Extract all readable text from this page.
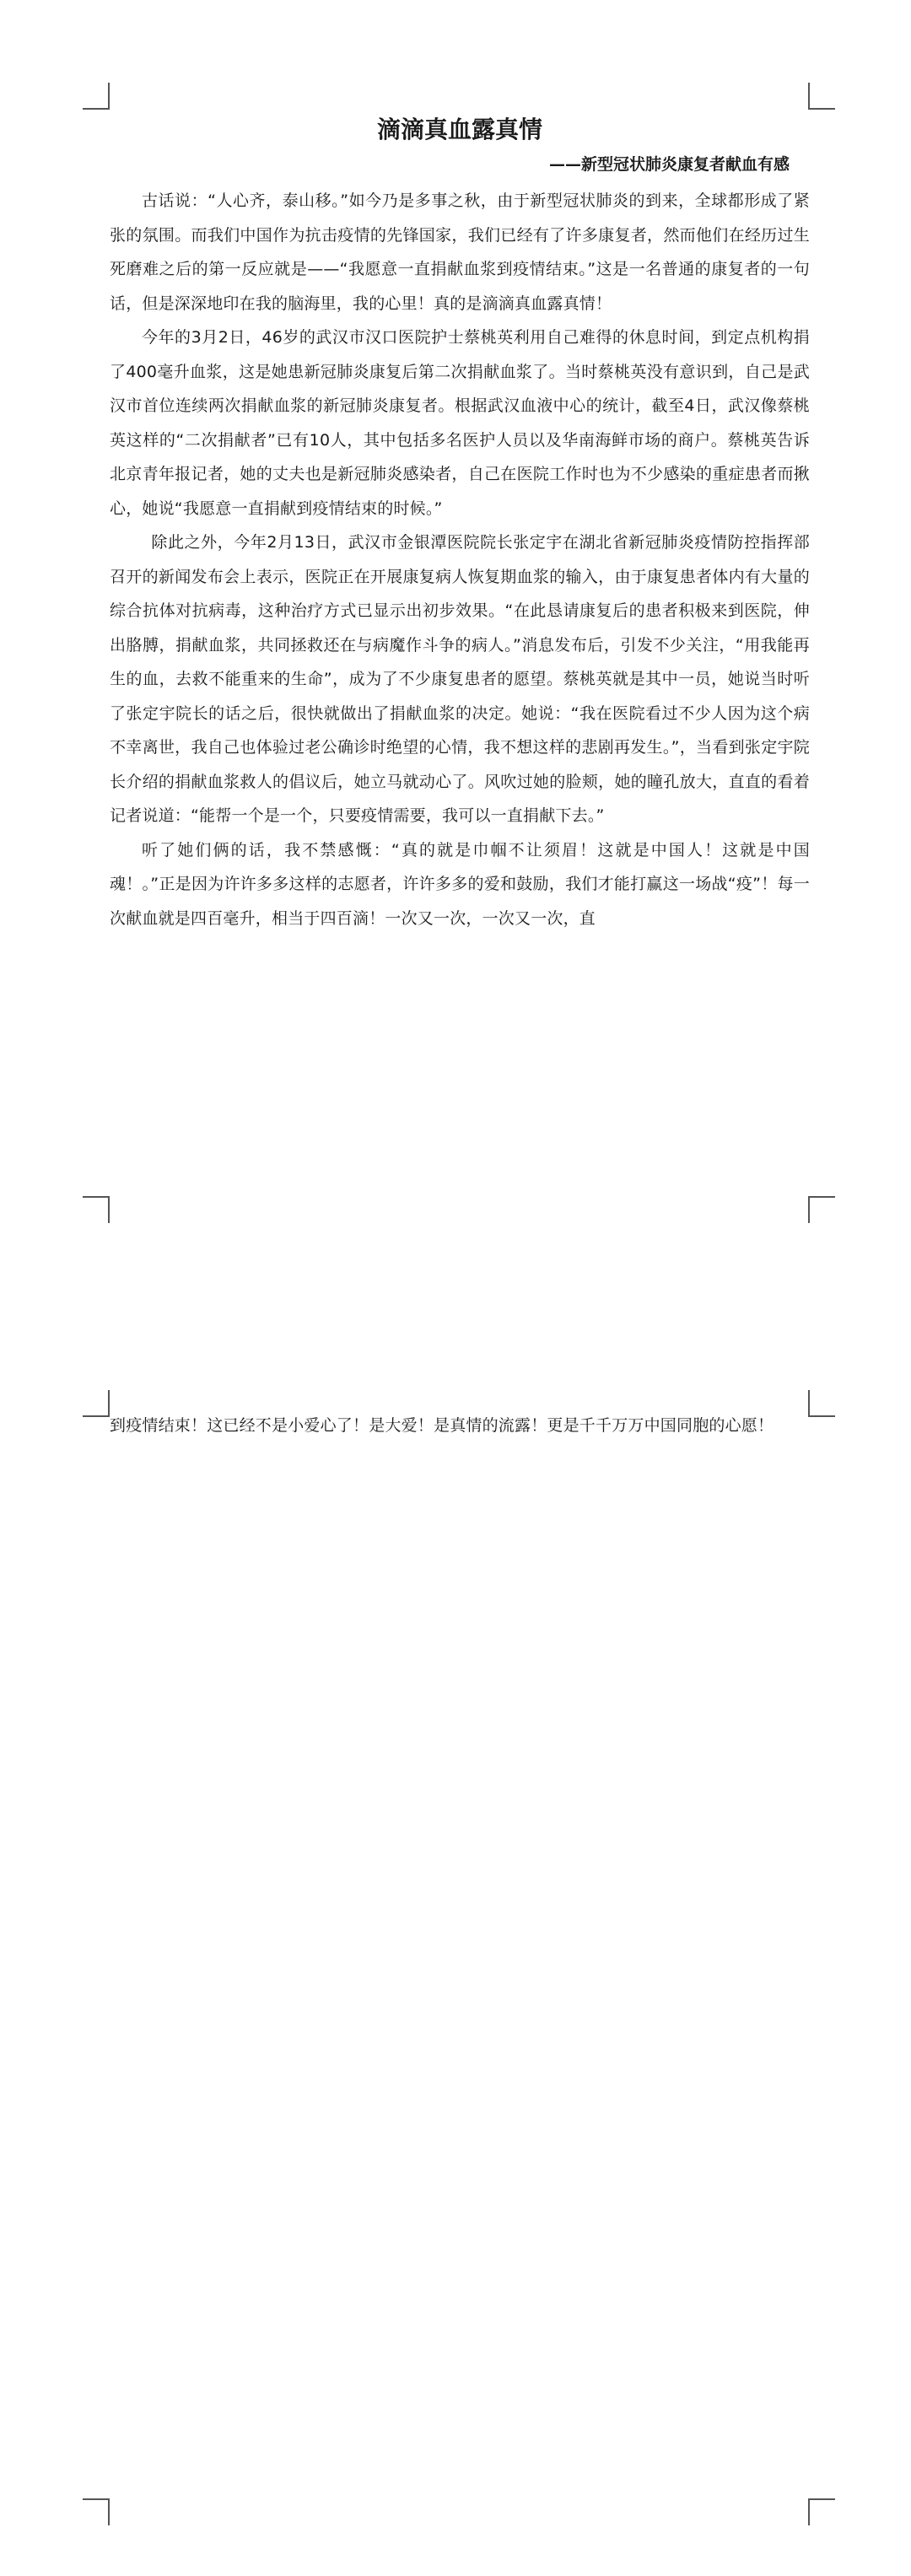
滴滴真血露真情
——新型冠状肺炎康复者献血有感

古话说：“人心齐，泰山移。”如今乃是多事之秋，由于新型冠状肺炎的到来，全球都形成了紧张的氛围。而我们中国作为抗击疫情的先锋国家，我们已经有了许多康复者，然而他们在经历过生死磨难之后的第一反应就是——“我愿意一直捐献血浆到疫情结束。”这是一名普通的康复者的一句话，但是深深地印在我的脑海里，我的心里！真的是滴滴真血露真情！

今年的3月2日，46岁的武汉市汉口医院护士蔡桃英利用自己难得的休息时间，到定点机构捐了400毫升血浆，这是她患新冠肺炎康复后第二次捐献血浆了。当时蔡桃英没有意识到，自己是武汉市首位连续两次捐献血浆的新冠肺炎康复者。根据武汉血液中心的统计，截至4日，武汉像蔡桃英这样的“二次捐献者”已有10人，其中包括多名医护人员以及华南海鲜市场的商户。蔡桃英告诉北京青年报记者，她的丈夫也是新冠肺炎感染者，自己在医院工作时也为不少感染的重症患者而揪心，她说“我愿意一直捐献到疫情结束的时候。”

除此之外，今年2月13日，武汉市金银潭医院院长张定宇在湖北省新冠肺炎疫情防控指挥部召开的新闻发布会上表示，医院正在开展康复病人恢复期血浆的输入，由于康复患者体内有大量的综合抗体对抗病毒，这种治疗方式已显示出初步效果。“在此恳请康复后的患者积极来到医院，伸出胳膊，捐献血浆，共同拯救还在与病魔作斗争的病人。”消息发布后，引发不少关注，“用我能再生的血，去救不能重来的生命”，成为了不少康复患者的愿望。蔡桃英就是其中一员，她说当时听了张定宇院长的话之后，很快就做出了捐献血浆的决定。她说：“我在医院看过不少人因为这个病不幸离世，我自己也体验过老公确诊时绝望的心情，我不想这样的悲剧再发生。”，当看到张定宇院长介绍的捐献血浆救人的倡议后，她立马就动心了。风吹过她的脸颊，她的瞳孔放大，直直的看着记者说道：“能帮一个是一个，只要疫情需要，我可以一直捐献下去。”

听了她们俩的话，我不禁感慨：“真的就是巾帼不让须眉！这就是中国人！这就是中国魂！。”正是因为许许多多这样的志愿者，许许多多的爱和鼓励，我们才能打赢这一场战“疫”！每一次献血就是四百毫升，相当于四百滴！一次又一次，一次又一次，直

到疫情结束！这已经不是小爱心了！是大爱！是真情的流露！更是千千万万中国同胞的心愿！
